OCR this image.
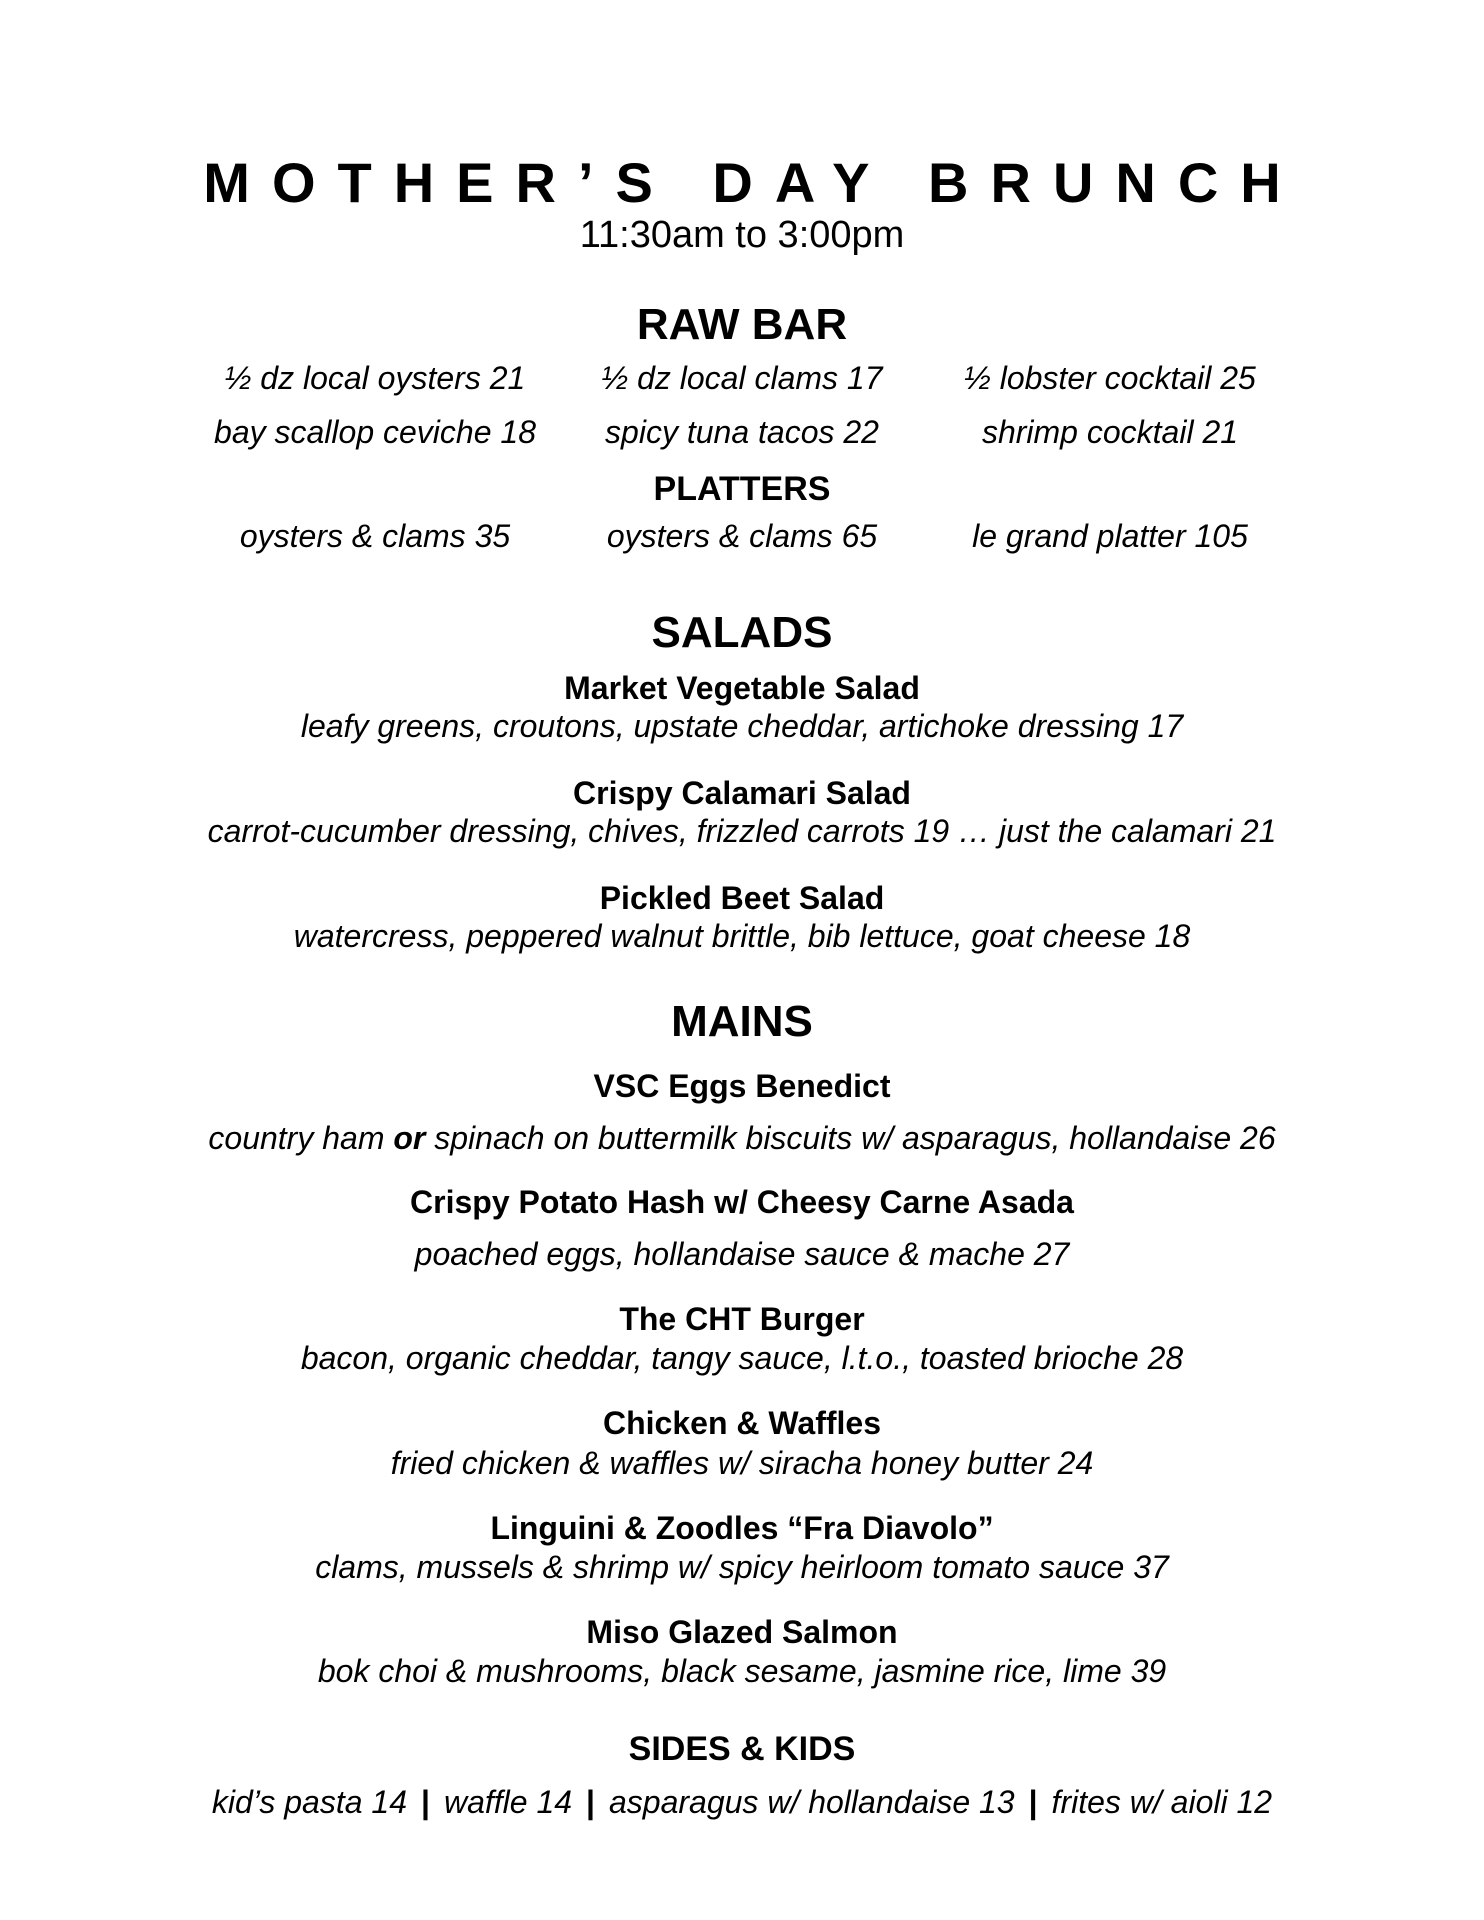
MOTHER’S DAY BRUNCH
11:30am to 3:00pm
RAW BAR
½ dz local oysters 21	½ dz local clams 17	½ lobster cocktail 25
bay scallop ceviche 18	spicy tuna tacos 22	shrimp cocktail 21
PLATTERS
oysters & clams 35	oysters & clams 65	le grand platter 105
SALADS
Market Vegetable Salad
leafy greens, croutons, upstate cheddar, artichoke dressing 17
Crispy Calamari Salad
carrot-cucumber dressing, chives, frizzled carrots 19 … just the calamari 21
Pickled Beet Salad
watercress, peppered walnut brittle, bib lettuce, goat cheese 18
MAINS
VSC Eggs Benedict
country ham or spinach on buttermilk biscuits w/ asparagus, hollandaise 26
Crispy Potato Hash w/ Cheesy Carne Asada
poached eggs, hollandaise sauce & mache 27
The CHT Burger
bacon, organic cheddar, tangy sauce, l.t.o., toasted brioche 28
Chicken & Waffles
fried chicken & waffles w/ siracha honey butter 24
Linguini & Zoodles “Fra Diavolo”
clams, mussels & shrimp w/ spicy heirloom tomato sauce 37
Miso Glazed Salmon
bok choi & mushrooms, black sesame, jasmine rice, lime 39
SIDES & KIDS
kid’s pasta 14 | waffle 14 | asparagus w/ hollandaise 13 | frites w/ aioli 12
